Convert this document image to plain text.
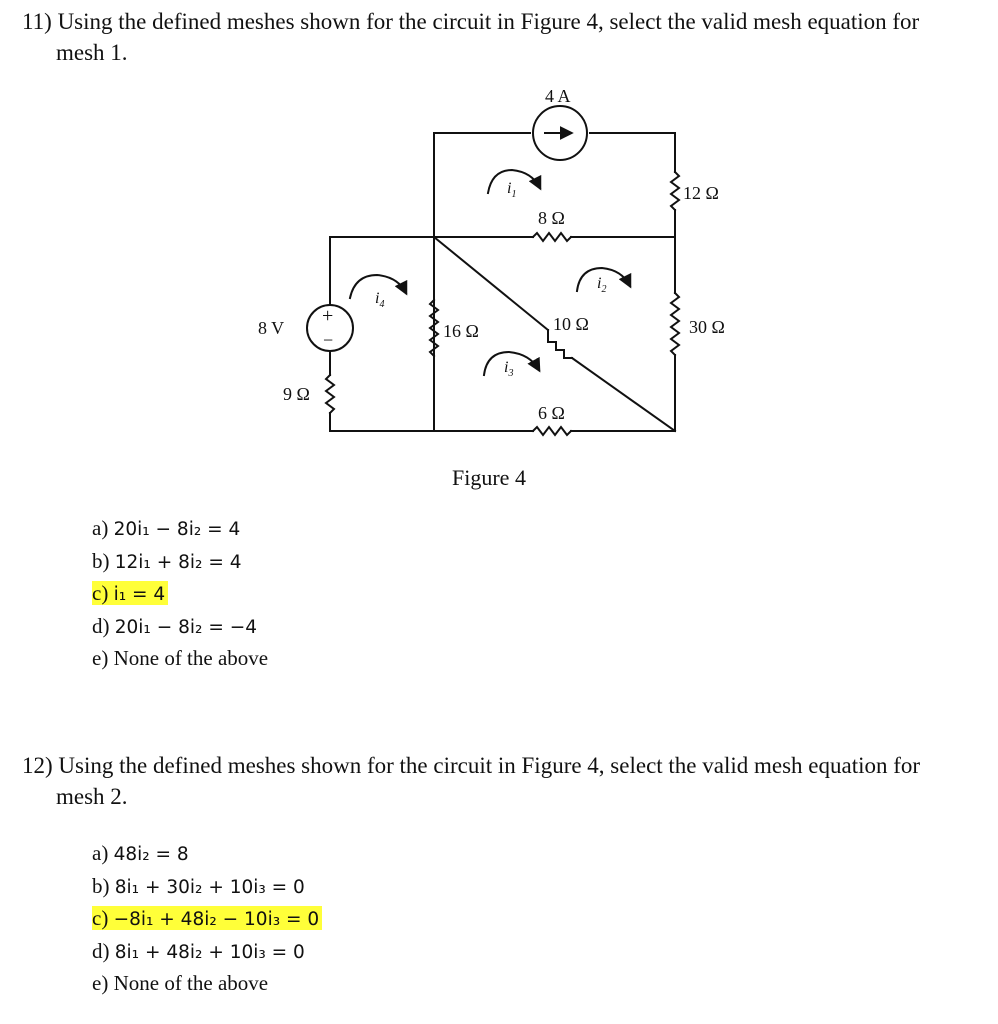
11) Using the defined meshes shown for the circuit in Figure 4, select the valid mesh equation for
mesh 1.

4 A
12 Ω
8 Ω
16 Ω	10 Ω	30 Ω
9 Ω
6 Ω
8 V
+
−
$i_1$
$i_2$
$i_3$
$i_4$
Figure 4
a) 20i₁ − 8i₂ = 4
b) 12i₁ + 8i₂ = 4
c) i₁ = 4
d) 20i₁ − 8i₂ = −4
e) None of the above

12) Using the defined meshes shown for the circuit in Figure 4, select the valid mesh equation for
mesh 2.

a) 48i₂ = 8
b) 8i₁ + 30i₂ + 10i₃ = 0
c) −8i₁ + 48i₂ − 10i₃ = 0
d) 8i₁ + 48i₂ + 10i₃ = 0
e) None of the above
